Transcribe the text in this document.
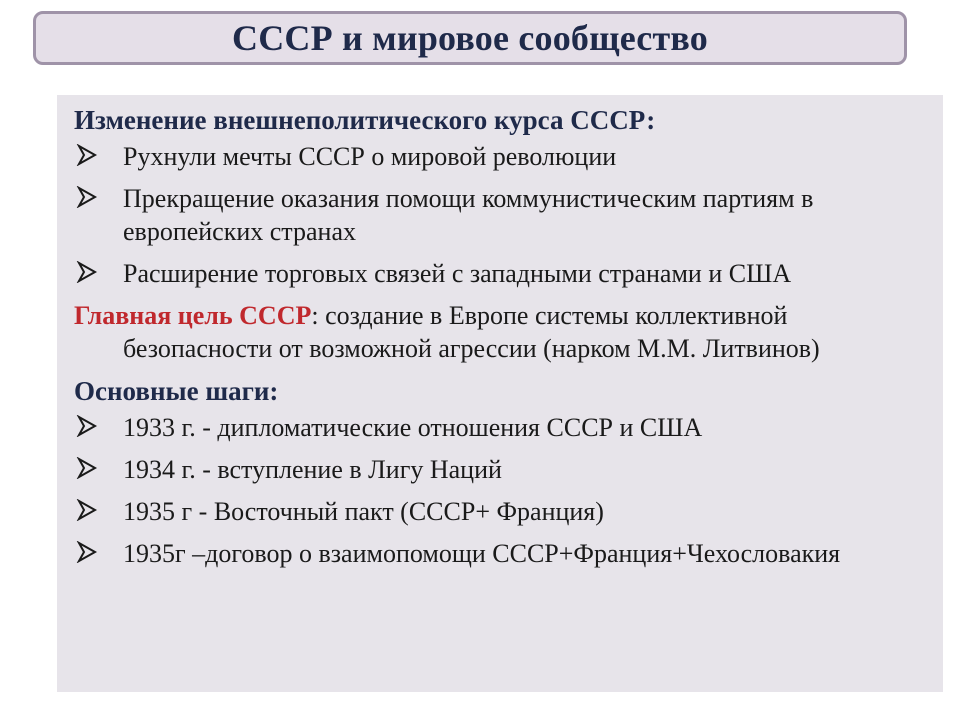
СССР и мировое сообщество
Изменение внешнеполитического курса СССР:
Рухнули мечты СССР о мировой революции
Прекращение оказания помощи коммунистическим партиям в европейских странах
Расширение торговых связей с западными странами и США
Главная цель СССР: создание в Европе системы коллективной безопасности от возможной агрессии (нарком М.М. Литвинов)
Основные шаги:
1933 г. - дипломатические отношения СССР и США
1934 г. - вступление в Лигу Наций
1935 г - Восточный пакт (СССР+ Франция)
1935г –договор о взаимопомощи СССР+Франция+Чехословакия
